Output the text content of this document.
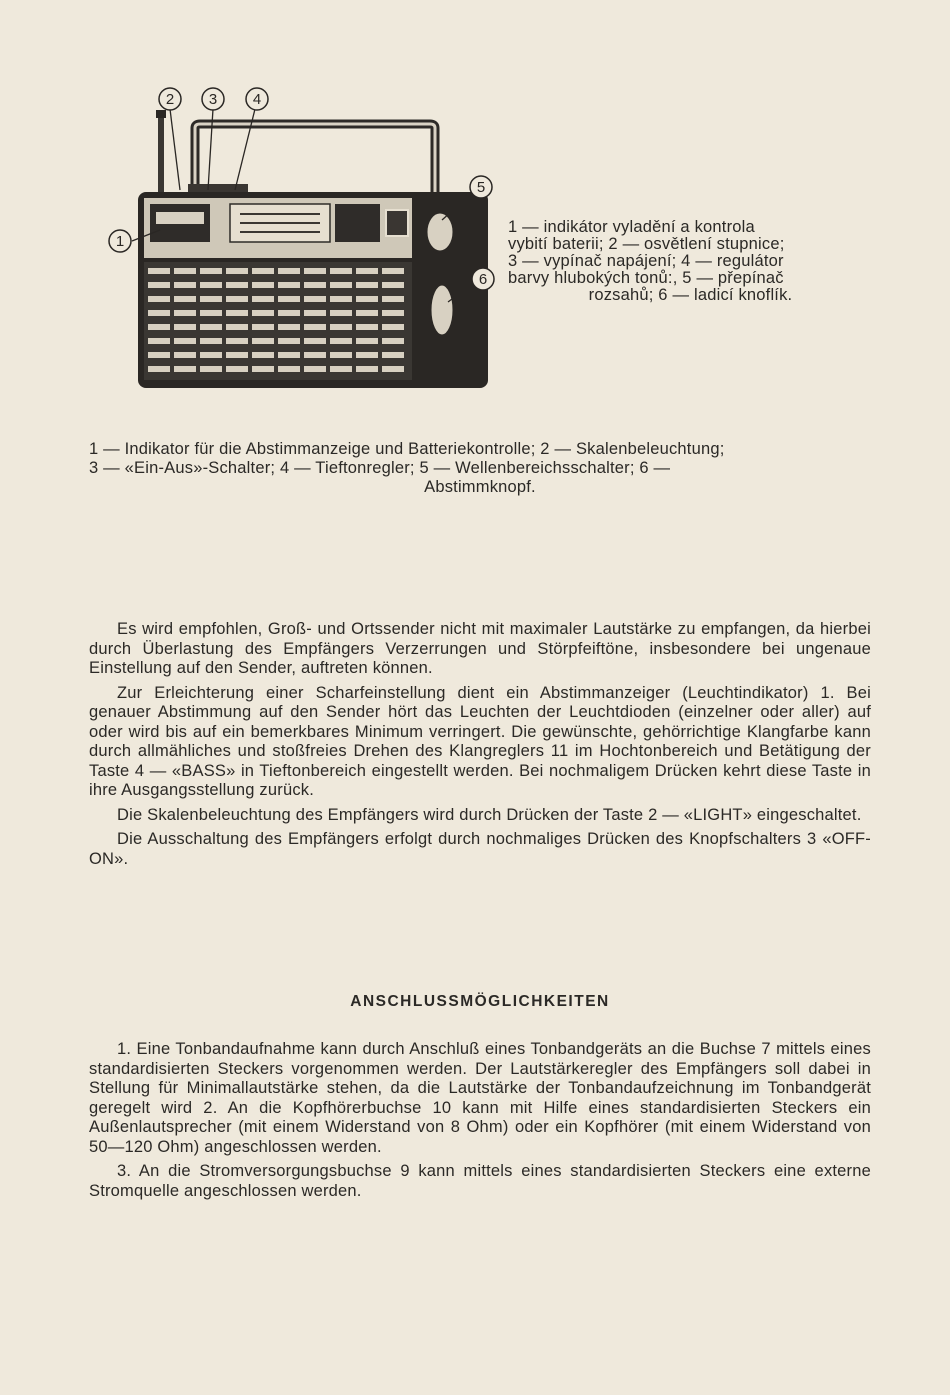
2 3 4
1
5
6
1 — indikátor vyladění a kontrola
vybití baterii; 2 — osvětlení stupnice;
3 — vypínač napájení; 4 — regulátor
barvy hlubokých tonů:, 5 — přepínač

rozsahů; 6 — ladicí knoflík.
1 — Indikator für die Abstimmanzeige und Batteriekontrolle; 2 — Skalenbeleuchtung;
3 — «Ein-Aus»-Schalter; 4 — Tieftonregler; 5 — Wellenbereichsschalter; 6 —

Abstimmknopf.

Es wird empfohlen, Groß- und Ortssender nicht mit maximaler Lautstärke zu empfangen, da hierbei durch Überlastung des Empfängers Verzerrungen und Störpfeiftöne, insbesondere bei ungenaue Einstellung auf den Sender, auftreten können.

Zur Erleichterung einer Scharfeinstellung dient ein Abstimmanzeiger (Leuchtindikator) 1. Bei genauer Abstimmung auf den Sender hört das Leuchten der Leuchtdioden (einzelner oder aller) auf oder wird bis auf ein bemerkbares Minimum verringert. Die gewünschte, gehörrichtige Klangfarbe kann durch allmähliches und stoßfreies Drehen des Klangreglers 11 im Hochtonbereich und Betätigung der Taste 4 — «BASS» in Tieftonbereich eingestellt werden. Bei nochmaligem Drücken kehrt diese Taste in ihre Ausgangsstellung zurück.

Die Skalenbeleuchtung des Empfängers wird durch Drücken der Taste 2 — «LIGHT» eingeschaltet.

Die Ausschaltung des Empfängers erfolgt durch nochmaliges Drücken des Knopfschalters 3 «OFF-ON».

ANSCHLUSSMÖGLICHKEITEN

1. Eine Tonbandaufnahme kann durch Anschluß eines Tonbandgeräts an die Buchse 7 mittels eines standardisierten Steckers vorgenommen werden. Der Lautstärkeregler des Empfängers soll dabei in Stellung für Minimallautstärke stehen, da die Lautstärke der Tonbandaufzeichnung im Tonbandgerät geregelt wird 2. An die Kopfhörerbuchse 10 kann mit Hilfe eines standardisierten Steckers ein Außenlautsprecher (mit einem Widerstand von 8 Ohm) oder ein Kopfhörer (mit einem Widerstand von 50—120 Ohm) angeschlossen werden.

3. An die Stromversorgungsbuchse 9 kann mittels eines standardisierten Steckers eine externe Stromquelle angeschlossen werden.
